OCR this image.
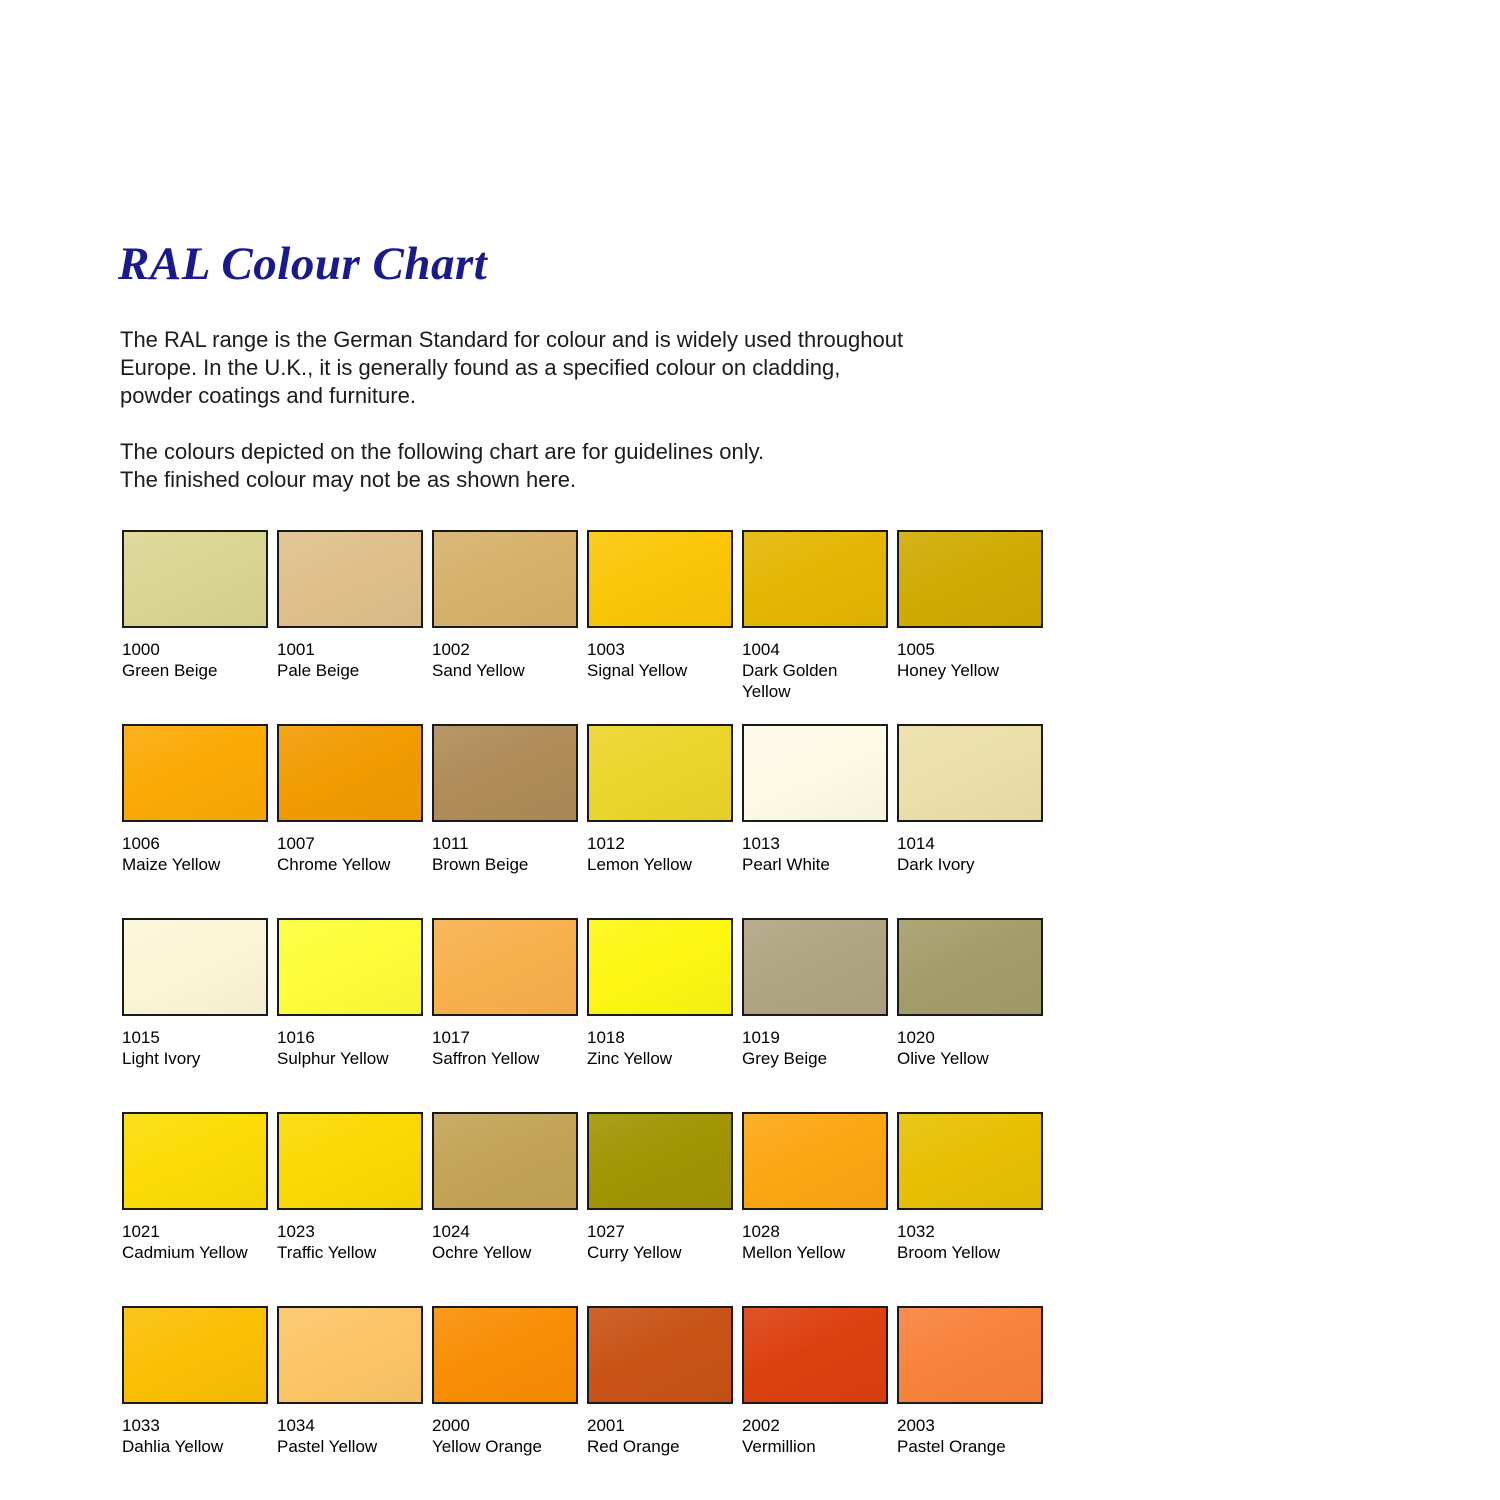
RAL Colour Chart

The RAL range is the German Standard for colour and is widely used throughout
Europe. In the U.K., it is generally found as a specified colour on cladding,
powder coatings and furniture.

The colours depicted on the following chart are for guidelines only.
The finished colour may not be as shown here.

1000
Green Beige
1001
Pale Beige
1002
Sand Yellow
1003
Signal Yellow
1004
Dark Golden Yellow
1005
Honey Yellow
1006
Maize Yellow
1007
Chrome Yellow
1011
Brown Beige
1012
Lemon Yellow
1013
Pearl White
1014
Dark Ivory
1015
Light Ivory
1016
Sulphur Yellow
1017
Saffron Yellow
1018
Zinc Yellow
1019
Grey Beige
1020
Olive Yellow
1021
Cadmium Yellow
1023
Traffic Yellow
1024
Ochre Yellow
1027
Curry Yellow
1028
Mellon Yellow
1032
Broom Yellow
1033
Dahlia Yellow
1034
Pastel Yellow
2000
Yellow Orange
2001
Red Orange
2002
Vermillion
2003
Pastel Orange
